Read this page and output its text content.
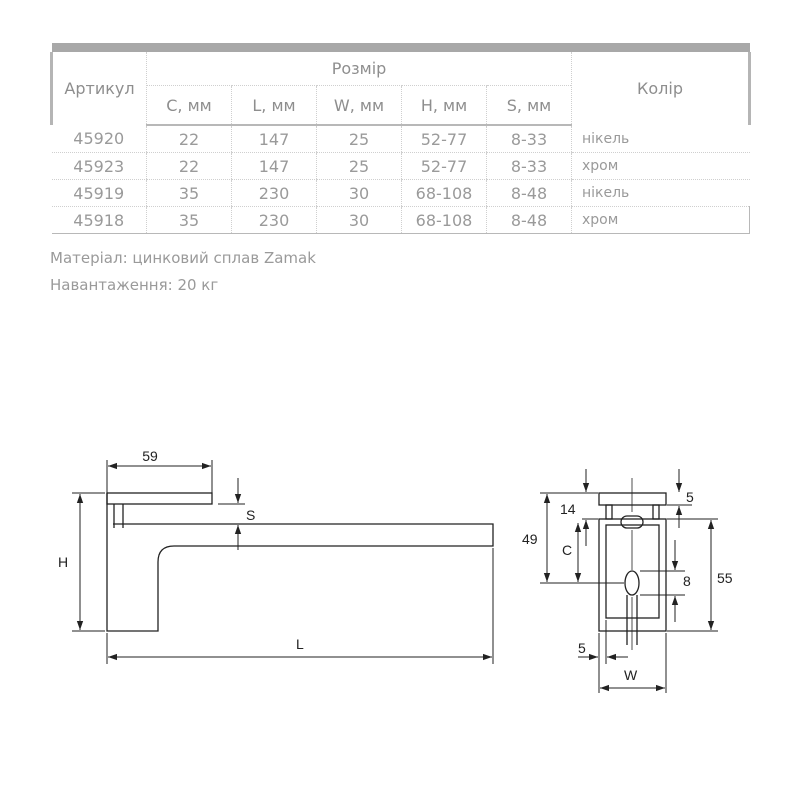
Артикул	Розмір					Колір
	C, мм	L, мм	W, мм	H, мм	S, мм	
45920	22	147	25	52-77	8-33	нікель
45923	22	147	25	52-77	8-33	хром
45919	35	230	30	68-108	8-48	нікель
45918	35	230	30	68-108	8-48	хром
Матеріал: цинковий сплав Zamak
Навантаження: 20 кг
59
S
H
L
14
5
49
C
8 55
5
W
